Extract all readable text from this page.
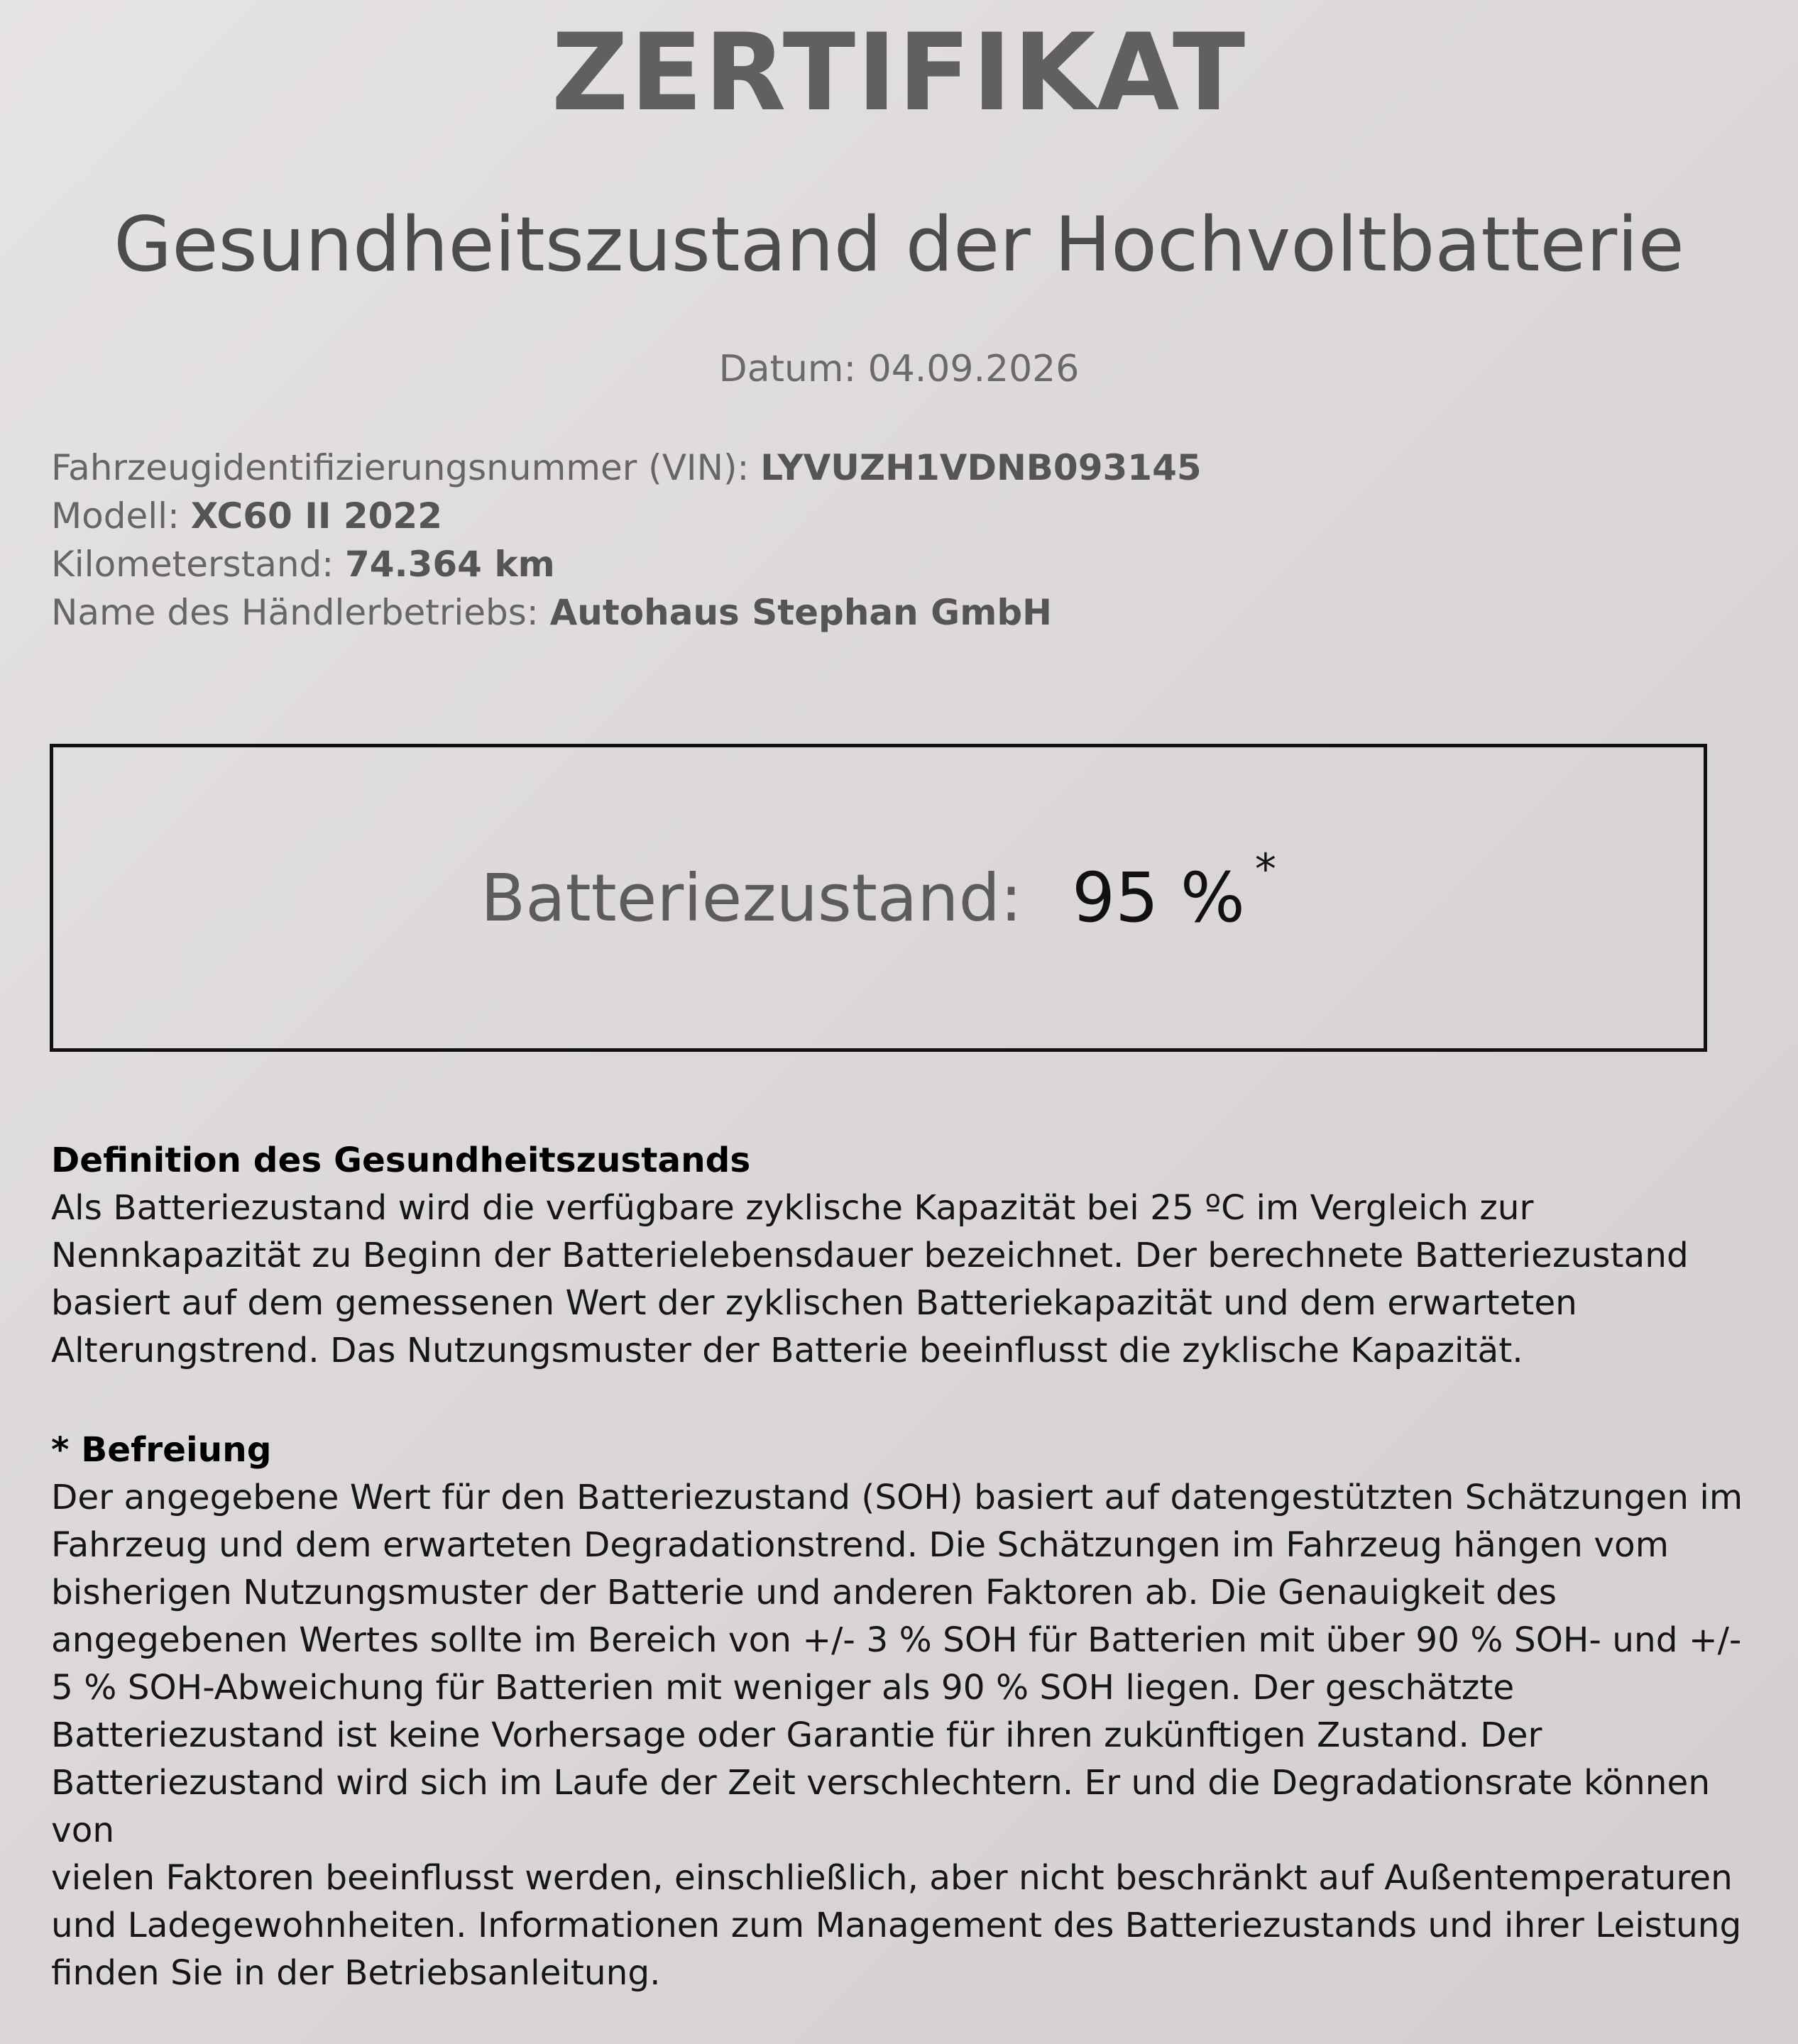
ZERTIFIKAT
Gesundheitszustand der Hochvoltbatterie
Datum: 04.09.2026
Fahrzeugidentifizierungsnummer (VIN): LYVUZH1VDNB093145
Modell: XC60 II 2022
Kilometerstand: 74.364 km
Name des Händlerbetriebs: Autohaus Stephan GmbH
Batteriezustand: 95 % *
Definition des Gesundheitszustands

Als Batteriezustand wird die verfügbare zyklische Kapazität bei 25 ºC im Vergleich zur

Nennkapazität zu Beginn der Batterielebensdauer bezeichnet. Der berechnete Batteriezustand

basiert auf dem gemessenen Wert der zyklischen Batteriekapazität und dem erwarteten

Alterungstrend. Das Nutzungsmuster der Batterie beeinflusst die zyklische Kapazität.

* Befreiung

Der angegebene Wert für den Batteriezustand (SOH) basiert auf datengestützten Schätzungen im

Fahrzeug und dem erwarteten Degradationstrend. Die Schätzungen im Fahrzeug hängen vom

bisherigen Nutzungsmuster der Batterie und anderen Faktoren ab. Die Genauigkeit des

angegebenen Wertes sollte im Bereich von +/- 3 % SOH für Batterien mit über 90 % SOH- und +/-

5 % SOH-Abweichung für Batterien mit weniger als 90 % SOH liegen. Der geschätzte

Batteriezustand ist keine Vorhersage oder Garantie für ihren zukünftigen Zustand. Der

Batteriezustand wird sich im Laufe der Zeit verschlechtern. Er und die Degradationsrate können von

vielen Faktoren beeinflusst werden, einschließlich, aber nicht beschränkt auf Außentemperaturen

und Ladegewohnheiten. Informationen zum Management des Batteriezustands und ihrer Leistung

finden Sie in der Betriebsanleitung.
